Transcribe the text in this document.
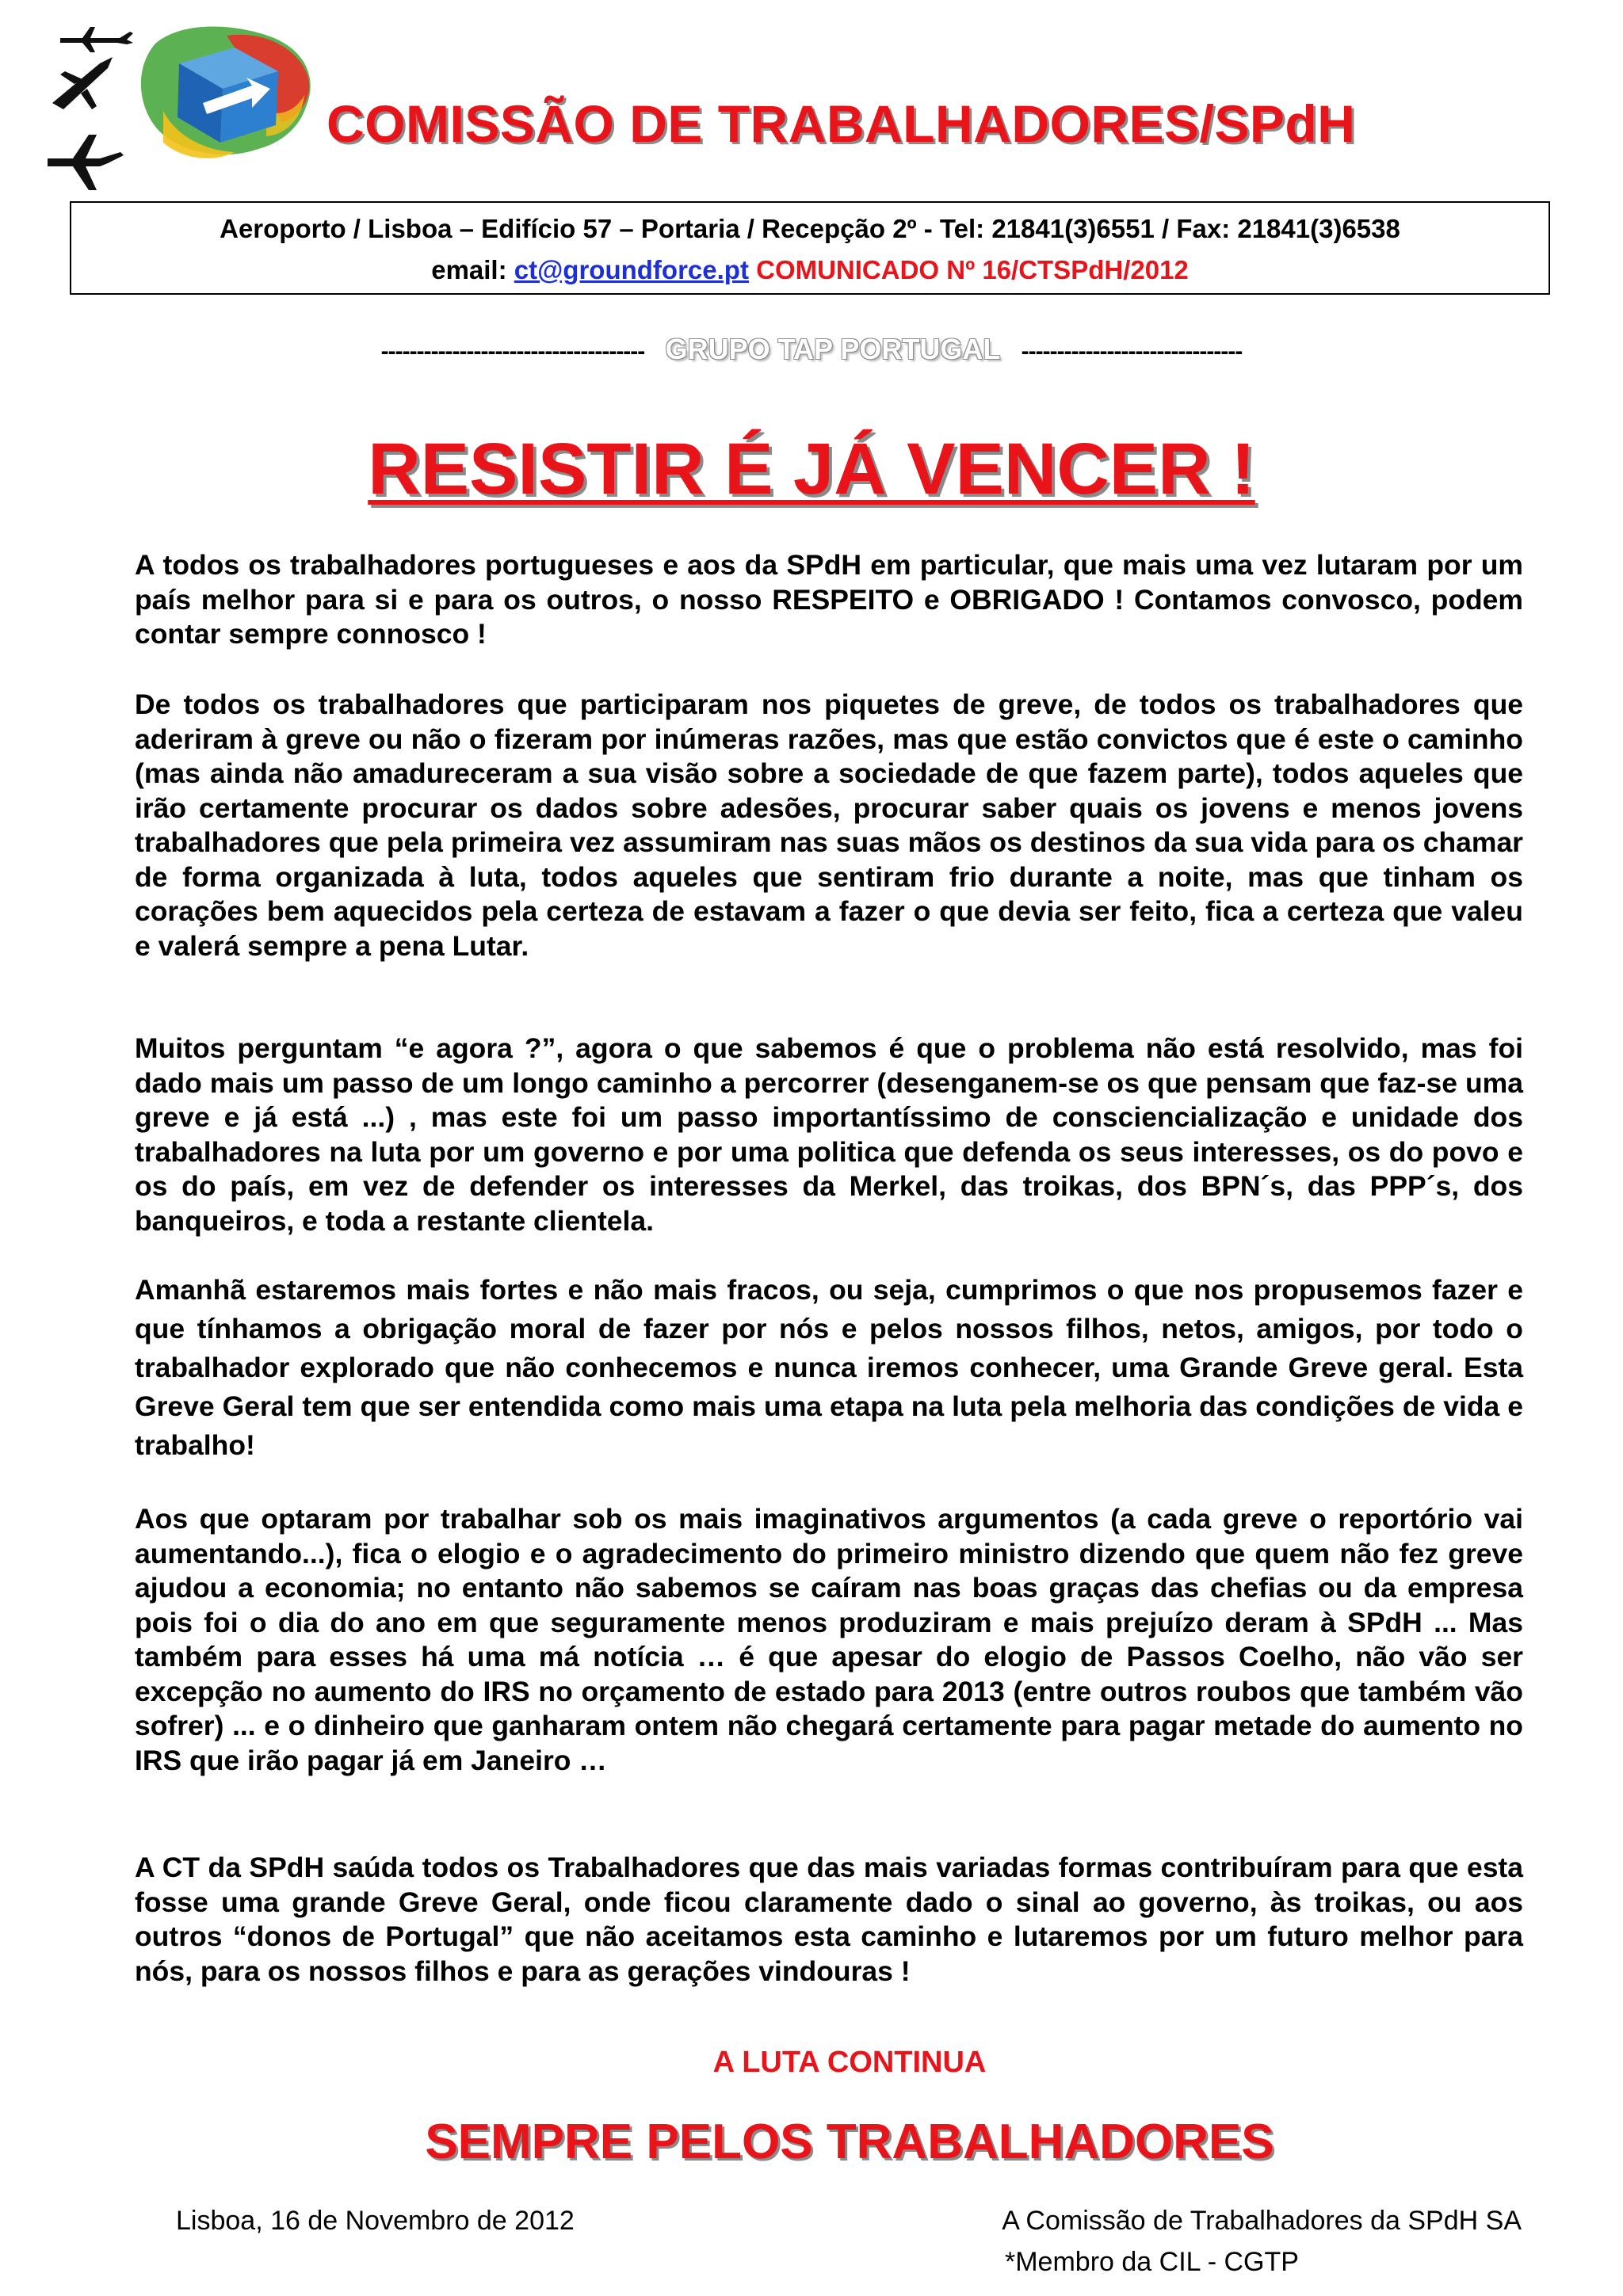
COMISSÃO DE TRABALHADORES/SPdH
Aeroporto / Lisboa – Edifício 57 – Portaria / Recepção 2º - Tel: 21841(3)6551 / Fax: 21841(3)6538
email: ct@groundforce.pt COMUNICADO Nº 16/CTSPdH/2012
------------------------------------- GRUPO TAP PORTUGAL -------------------------------
RESISTIR É JÁ VENCER !

A todos os trabalhadores portugueses e aos da SPdH em particular, que mais uma vez lutaram por um país melhor para si e para os outros, o nosso RESPEITO e OBRIGADO ! Contamos convosco, podem contar sempre connosco !

De todos os trabalhadores que participaram nos piquetes de greve, de todos os trabalhadores que aderiram à greve ou não o fizeram por inúmeras razões, mas que estão convictos que é este o caminho (mas ainda não amadureceram a sua visão sobre a sociedade de que fazem parte), todos aqueles que irão certamente procurar os dados sobre adesões, procurar saber quais os jovens e menos jovens trabalhadores que pela primeira vez assumiram nas suas mãos os destinos da sua vida para os chamar de forma organizada à luta, todos aqueles que sentiram frio durante a noite, mas que tinham os corações bem aquecidos pela certeza de estavam a fazer o que devia ser feito, fica a certeza que valeu e valerá sempre a pena Lutar.

Muitos perguntam “e agora ?”, agora o que sabemos é que o problema não está resolvido, mas foi dado mais um passo de um longo caminho a percorrer (desenganem-se os que pensam que faz-se uma greve e já está ...) , mas este foi um passo importantíssimo de consciencialização e unidade dos trabalhadores na luta por um governo e por uma politica que defenda os seus interesses, os do povo e os do país, em vez de defender os interesses da Merkel, das troikas, dos BPN´s, das PPP´s, dos banqueiros, e toda a restante clientela.

Amanhã estaremos mais fortes e não mais fracos, ou seja, cumprimos o que nos propusemos fazer e que tínhamos a obrigação moral de fazer por nós e pelos nossos filhos, netos, amigos, por todo o trabalhador explorado que não conhecemos e nunca iremos conhecer, uma Grande Greve geral. Esta Greve Geral tem que ser entendida como mais uma etapa na luta pela melhoria das condições de vida e trabalho!

Aos que optaram por trabalhar sob os mais imaginativos argumentos (a cada greve o reportório vai aumentando...), fica o elogio e o agradecimento do primeiro ministro dizendo que quem não fez greve ajudou a economia; no entanto não sabemos se caíram nas boas graças das chefias ou da empresa pois foi o dia do ano em que seguramente menos produziram e mais prejuízo deram à SPdH ... Mas também para esses há uma má notícia … é que apesar do elogio de Passos Coelho, não vão ser excepção no aumento do IRS no orçamento de estado para 2013 (entre outros roubos que também vão sofrer) ... e o dinheiro que ganharam ontem não chegará certamente para pagar metade do aumento no IRS que irão pagar já em Janeiro …

A CT da SPdH saúda todos os Trabalhadores que das mais variadas formas contribuíram para que esta fosse uma grande Greve Geral, onde ficou claramente dado o sinal ao governo, às troikas, ou aos outros “donos de Portugal” que não aceitamos esta caminho e lutaremos por um futuro melhor para nós, para os nossos filhos e para as gerações vindouras !

A LUTA CONTINUA
SEMPRE PELOS TRABALHADORES
Lisboa, 16 de Novembro de 2012	A Comissão de Trabalhadores da SPdH SA
*Membro da CIL - CGTP
